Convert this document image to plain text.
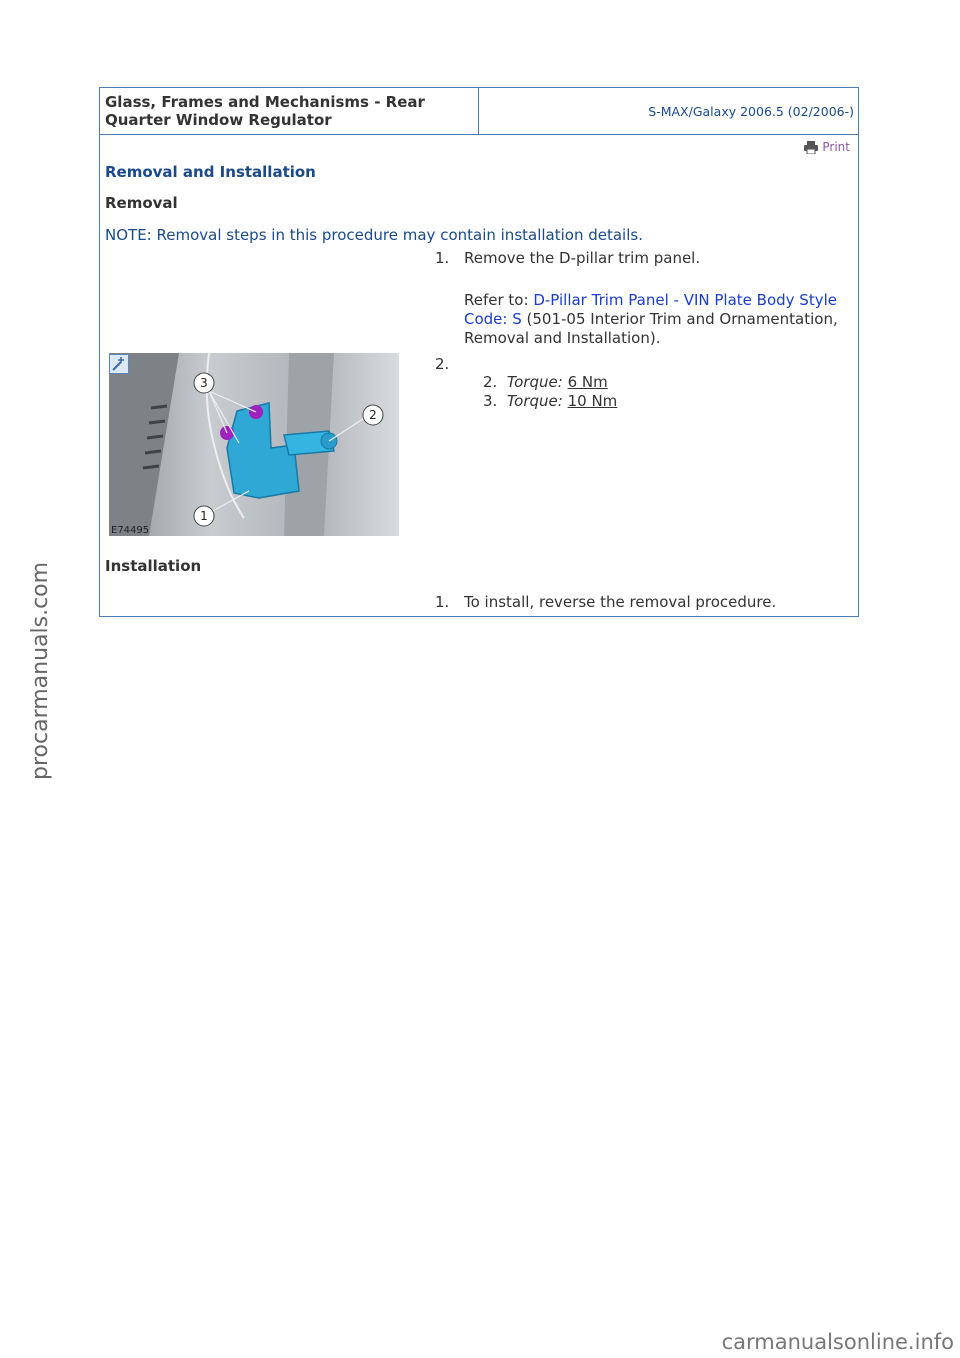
Glass, Frames and Mechanisms - Rear Quarter Window Regulator	S-MAX/Galaxy 2006.5 (02/2006-)
Print
Removal and Installation
Removal
NOTE: Removal steps in this procedure may contain installation details.
1. Remove the D-pillar trim panel.
Refer to: D-Pillar Trim Panel - VIN Plate Body Style Code: S (501-05 Interior Trim and Ornamentation, Removal and Installation).
3
2
1
E74495
2.
2. Torque: 6 Nm
3. Torque: 10 Nm
Installation
1. To install, reverse the removal procedure.
procarmanuals.com
carmanualsonline.info
